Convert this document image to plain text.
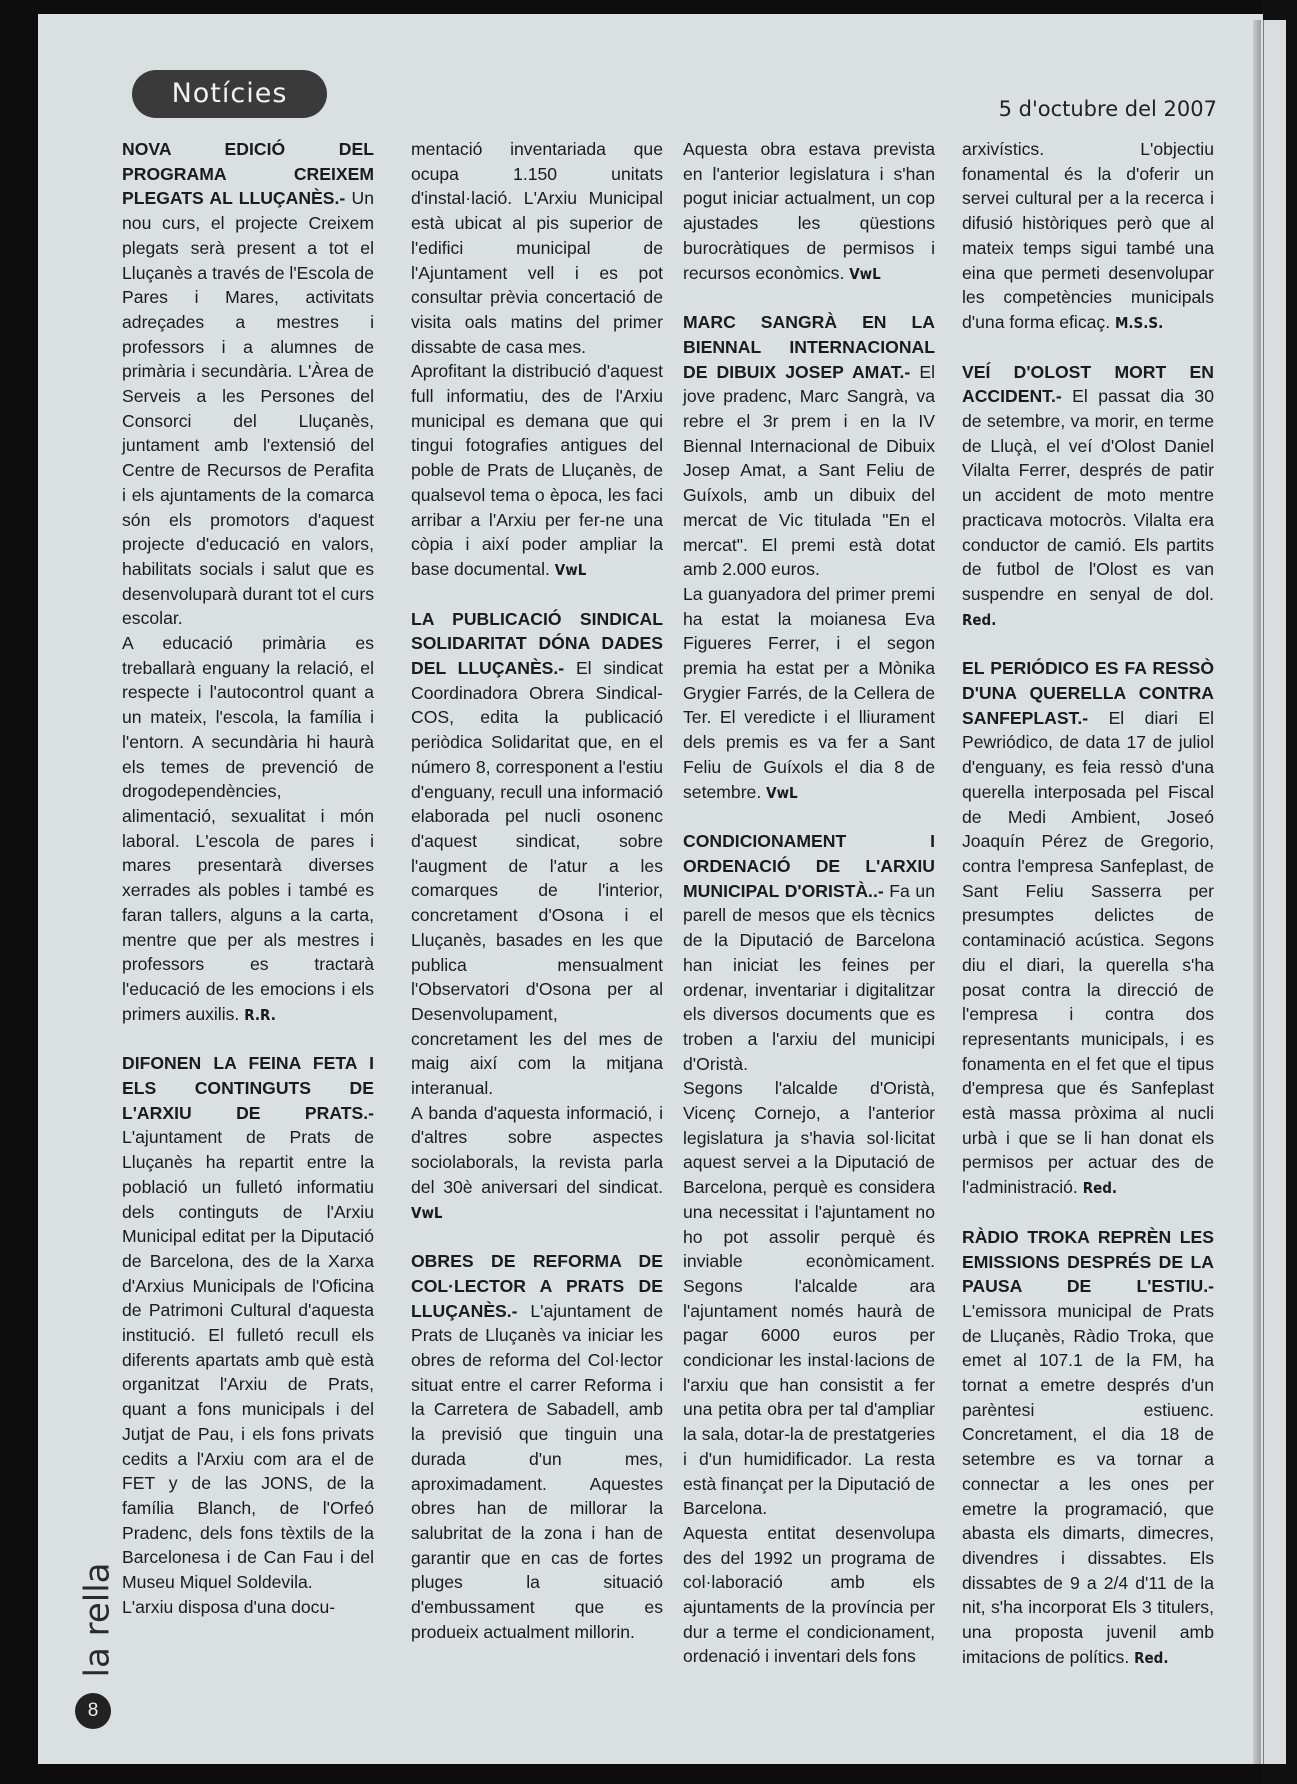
Notícies	5 d'octubre del 2007

NOVA EDICIÓ DEL PROGRAMA CREIXEM PLEGATS AL LLUÇANÈS.- Un nou curs, el projecte Creixem plegats serà present a tot el Lluçanès a través de l'Escola de Pares i Mares, activitats adreçades a mestres i professors i a alumnes de primària i secundària. L'Àrea de Serveis a les Persones del Consorci del Lluçanès, juntament amb l'extensió del Centre de Recursos de Perafita i els ajuntaments de la comarca són els promotors d'aquest projecte d'educació en valors, habilitats socials i salut que es desenvoluparà durant tot el curs escolar.

A educació primària es treballarà enguany la relació, el respecte i l'autocontrol quant a un mateix, l'escola, la família i l'entorn. A secundària hi haurà els temes de prevenció de drogodependències, alimentació, sexualitat i món laboral. L'escola de pares i mares presentarà diverses xerrades als pobles i també es faran tallers, alguns a la carta, mentre que per als mestres i professors es tractarà l'educació de les emocions i els primers auxilis. R.R.

DIFONEN LA FEINA FETA I ELS CONTINGUTS DE L'ARXIU DE PRATS.- L'ajuntament de Prats de Lluçanès ha repartit entre la població un fulletó informatiu dels continguts de l'Arxiu Municipal editat per la Diputació de Barcelona, des de la Xarxa d'Arxius Municipals de l'Oficina de Patrimoni Cultural d'aquesta institució. El fulletó recull els diferents apartats amb què està organitzat l'Arxiu de Prats, quant a fons municipals i del Jutjat de Pau, i els fons privats cedits a l'Arxiu com ara el de FET y de las JONS, de la família Blanch, de l'Orfeó Pradenc, dels fons tèxtils de la Barcelonesa i de Can Fau i del Museu Miquel Soldevila.

L'arxiu disposa d'una docu-

mentació inventariada que ocupa 1.150 unitats d'instal·lació. L'Arxiu Municipal està ubicat al pis superior de l'edifici municipal de l'Ajuntament vell i es pot consultar prèvia concertació de visita oals matins del primer dissabte de casa mes.

Aprofitant la distribució d'aquest full informatiu, des de l'Arxiu municipal es demana que qui tingui fotografies antigues del poble de Prats de Lluçanès, de qualsevol tema o època, les faci arribar a l'Arxiu per fer-ne una còpia i així poder ampliar la base documental. VwL

LA PUBLICACIÓ SINDICAL SOLIDARITAT DÓNA DADES DEL LLUÇANÈS.- El sindicat Coordinadora Obrera Sindical-COS, edita la publicació periòdica Solidaritat que, en el número 8, corresponent a l'estiu d'enguany, recull una informació elaborada pel nucli osonenc d'aquest sindicat, sobre l'augment de l'atur a les comarques de l'interior, concretament d'Osona i el Lluçanès, basades en les que publica mensualment l'Observatori d'Osona per al Desenvolupament, concretament les del mes de maig així com la mitjana interanual.

A banda d'aquesta informació, i d'altres sobre aspectes sociolaborals, la revista parla del 30è aniversari del sindicat. VwL

OBRES DE REFORMA DE COL·LECTOR A PRATS DE LLUÇANÈS.- L'ajuntament de Prats de Lluçanès va iniciar les obres de reforma del Col·lector situat entre el carrer Reforma i la Carretera de Sabadell, amb la previsió que tinguin una durada d'un mes, aproximadament. Aquestes obres han de millorar la salubritat de la zona i han de garantir que en cas de fortes pluges la situació d'embussament que es produeix actualment millorin.

Aquesta obra estava prevista en l'anterior legislatura i s'han pogut iniciar actualment, un cop ajustades les qüestions burocràtiques de permisos i recursos econòmics. VwL

MARC SANGRÀ EN LA BIENNAL INTERNACIONAL DE DIBUIX JOSEP AMAT.- El jove pradenc, Marc Sangrà, va rebre el 3r prem i en la IV Biennal Internacional de Dibuix Josep Amat, a Sant Feliu de Guíxols, amb un dibuix del mercat de Vic titulada "En el mercat". El premi està dotat amb 2.000 euros.

La guanyadora del primer premi ha estat la moianesa Eva Figueres Ferrer, i el segon premia ha estat per a Mònika Grygier Farrés, de la Cellera de Ter. El veredicte i el lliurament dels premis es va fer a Sant Feliu de Guíxols el dia 8 de setembre. VwL

CONDICIONAMENT I ORDENACIÓ DE L'ARXIU MUNICIPAL D'ORISTÀ..- Fa un parell de mesos que els tècnics de la Diputació de Barcelona han iniciat les feines per ordenar, inventariar i digitalitzar els diversos documents que es troben a l'arxiu del municipi d'Oristà.

Segons l'alcalde d'Oristà, Vicenç Cornejo, a l'anterior legislatura ja s'havia sol·licitat aquest servei a la Diputació de Barcelona, perquè es considera una necessitat i l'ajuntament no ho pot assolir perquè és inviable econòmicament. Segons l'alcalde ara l'ajuntament només haurà de pagar 6000 euros per condicionar les instal·lacions de l'arxiu que han consistit a fer una petita obra per tal d'ampliar la sala, dotar-la de prestatgeries i d'un humidificador. La resta està finançat per la Diputació de Barcelona.

Aquesta entitat desenvolupa des del 1992 un programa de col·laboració amb els ajuntaments de la província per dur a terme el condicionament, ordenació i inventari dels fons

arxivístics. L'objectiu fonamental és la d'oferir un servei cultural per a la recerca i difusió històriques però que al mateix temps sigui també una eina que permeti desenvolupar les competències municipals d'una forma eficaç. M.S.S.

VEÍ D'OLOST MORT EN ACCIDENT.- El passat dia 30 de setembre, va morir, en terme de Lluçà, el veí d'Olost Daniel Vilalta Ferrer, després de patir un accident de moto mentre practicava motocròs. Vilalta era conductor de camió. Els partits de futbol de l'Olost es van suspendre en senyal de dol. Red.

EL PERIÓDICO ES FA RESSÒ D'UNA QUERELLA CONTRA SANFEPLAST.- El diari El Pewriódico, de data 17 de juliol d'enguany, es feia ressò d'una querella interposada pel Fiscal de Medi Ambient, Joseó Joaquín Pérez de Gregorio, contra l'empresa Sanfeplast, de Sant Feliu Sasserra per presumptes delictes de contaminació acústica. Segons diu el diari, la querella s'ha posat contra la direcció de l'empresa i contra dos representants municipals, i es fonamenta en el fet que el tipus d'empresa que és Sanfeplast està massa pròxima al nucli urbà i que se li han donat els permisos per actuar des de l'administració. Red.

RÀDIO TROKA REPRÈN LES EMISSIONS DESPRÉS DE LA PAUSA DE L'ESTIU.- L'emissora municipal de Prats de Lluçanès, Ràdio Troka, que emet al 107.1 de la FM, ha tornat a emetre després d'un parèntesi estiuenc. Concretament, el dia 18 de setembre es va tornar a connectar a les ones per emetre la programació, que abasta els dimarts, dimecres, divendres i dissabtes. Els dissabtes de 9 a 2/4 d'11 de la nit, s'ha incorporat Els 3 titulers, una proposta juvenil amb imitacions de polítics. Red.

la rella
8
